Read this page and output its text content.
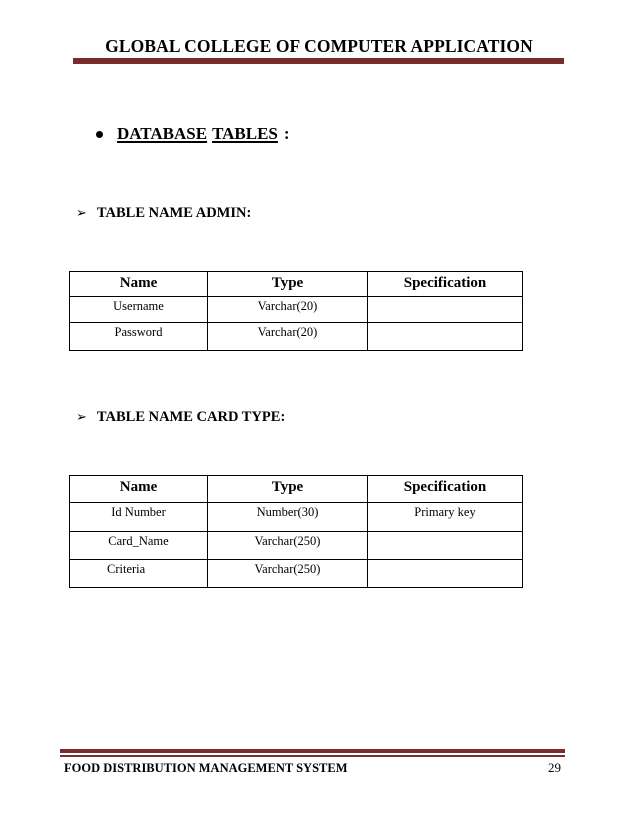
GLOBAL COLLEGE OF COMPUTER APPLICATION
DATABASE TABLES :
➢ TABLE NAME ADMIN:
Name	Type	Specification
Username	Varchar(20)	
Password	Varchar(20)	
➢ TABLE NAME CARD TYPE:
Name	Type	Specification
Id Number	Number(30)	Primary key
Card_Name	Varchar(250)	
Criteria	Varchar(250)	
FOOD DISTRIBUTION MANAGEMENT SYSTEM	29
